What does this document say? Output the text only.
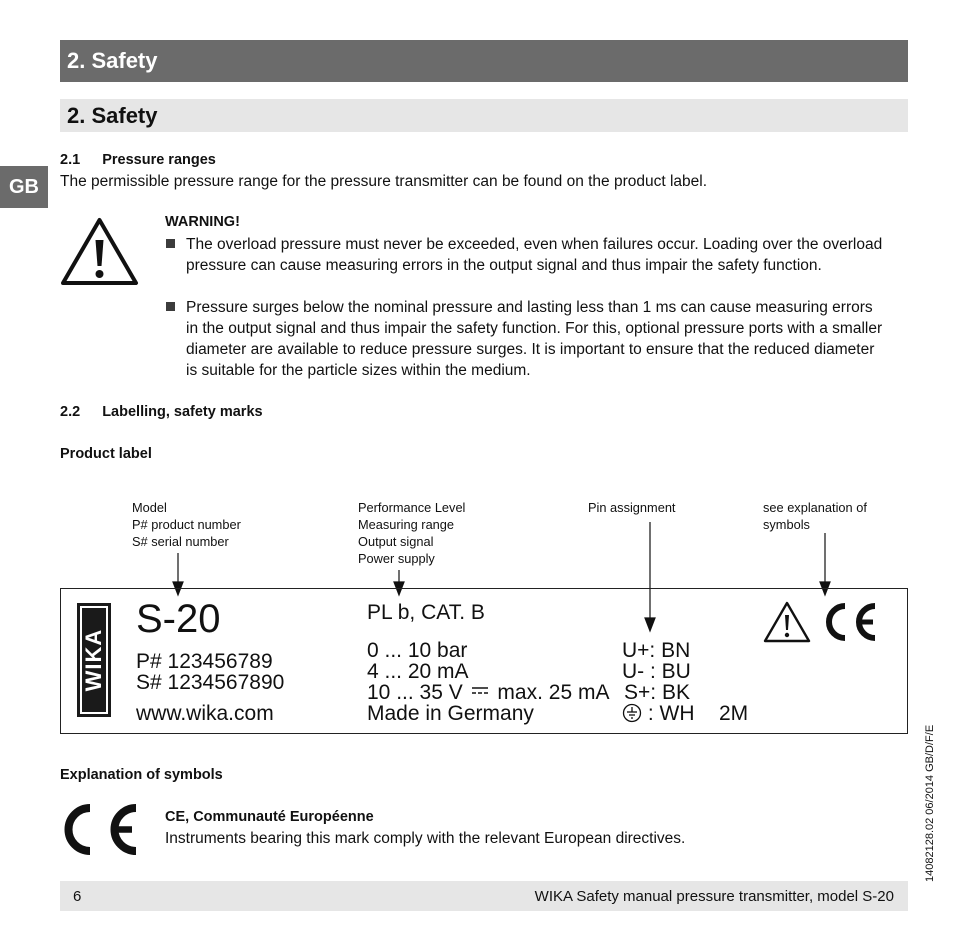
2. Safety
2. Safety
GB
2.1 Pressure ranges
The permissible pressure range for the pressure transmitter can be found on the product label.
WARNING!
The overload pressure must never be exceeded, even when failures occur. Loading over the overload
pressure can cause measuring errors in the output signal and thus impair the safety function.
Pressure surges below the nominal pressure and lasting less than 1 ms can cause measuring errors
in the output signal and thus impair the safety function. For this, optional pressure ports with a smaller
diameter are available to reduce pressure surges. It is important to ensure that the reduced diameter
is suitable for the particle sizes within the medium.
2.2 Labelling, safety marks
Product label
Model
P# product number
S# serial number
Performance Level
Measuring range
Output signal
Power supply
Pin assignment	see explanation of
symbols
WIKA
S-20
P# 123456789
S# 1234567890
www.wika.com
PL b, CAT. B
0 ... 10 bar
4 ... 20 mA
10 ... 35 V max. 25 mA
Made in Germany
U+: BN
U- : BU
S+: BK
: WH 2M
Explanation of symbols
CE, Communauté Européenne
Instruments bearing this mark comply with the relevant European directives.
6	WIKA Safety manual pressure transmitter, model S-20
14082128.02 06/2014 GB/D/F/E
